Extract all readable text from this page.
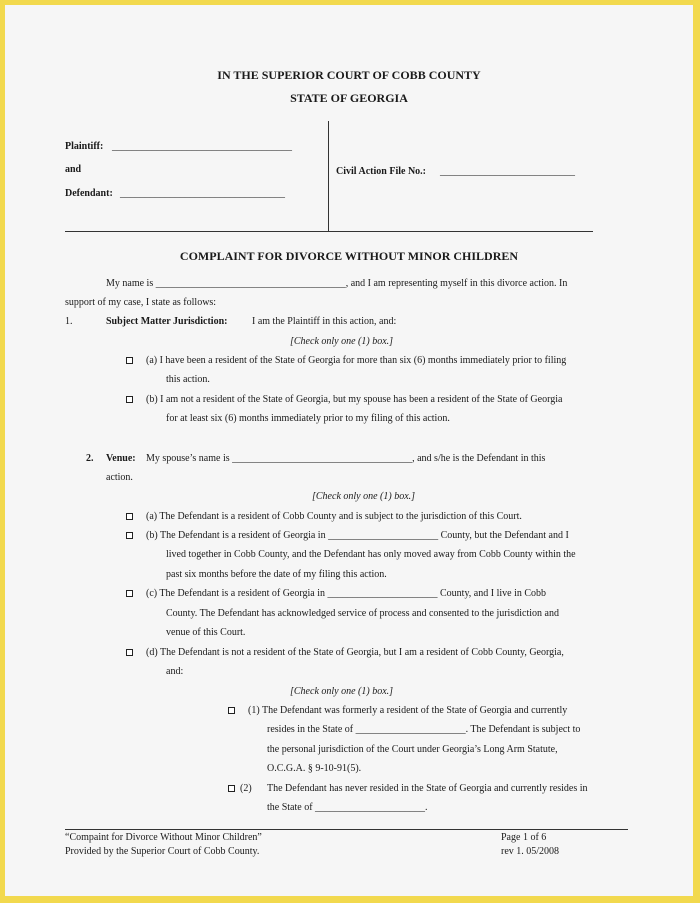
IN THE SUPERIOR COURT OF COBB COUNTY
STATE OF GEORGIA
Plaintiff: ____________________________________
and
Defendant: _________________________________
Civil Action File No.: ___________________________
COMPLAINT FOR DIVORCE WITHOUT MINOR CHILDREN
My name is ______________________________________, and I am representing myself in this divorce action. In
support of my case, I state as follows:
1.	Subject Matter Jurisdiction: I am the Plaintiff in this action, and:
[Check only one (1) box.]
(a) I have been a resident of the State of Georgia for more than six (6) months immediately prior to filing
this action.
(b) I am not a resident of the State of Georgia, but my spouse has been a resident of the State of Georgia
for at least six (6) months immediately prior to my filing of this action.
2. Venue: My spouse’s name is ____________________________________, and s/he is the Defendant in this
action.
[Check only one (1) box.]
(a) The Defendant is a resident of Cobb County and is subject to the jurisdiction of this Court.
(b) The Defendant is a resident of Georgia in ______________________ County, but the Defendant and I
lived together in Cobb County, and the Defendant has only moved away from Cobb County within the
past six months before the date of my filing this action.
(c) The Defendant is a resident of Georgia in ______________________ County, and I live in Cobb
County. The Defendant has acknowledged service of process and consented to the jurisdiction and
venue of this Court.
(d) The Defendant is not a resident of the State of Georgia, but I am a resident of Cobb County, Georgia,
and:
[Check only one (1) box.]
(1) The Defendant was formerly a resident of the State of Georgia and currently
resides in the State of ______________________. The Defendant is subject to
the personal jurisdiction of the Court under Georgia’s Long Arm Statute,
O.C.G.A. § 9-10-91(5).
(2) The Defendant has never resided in the State of Georgia and currently resides in
the State of ______________________.
“Compaint for Divorce Without Minor Children”
Provided by the Superior Court of Cobb County.
Page 1 of 6
rev 1. 05/2008
